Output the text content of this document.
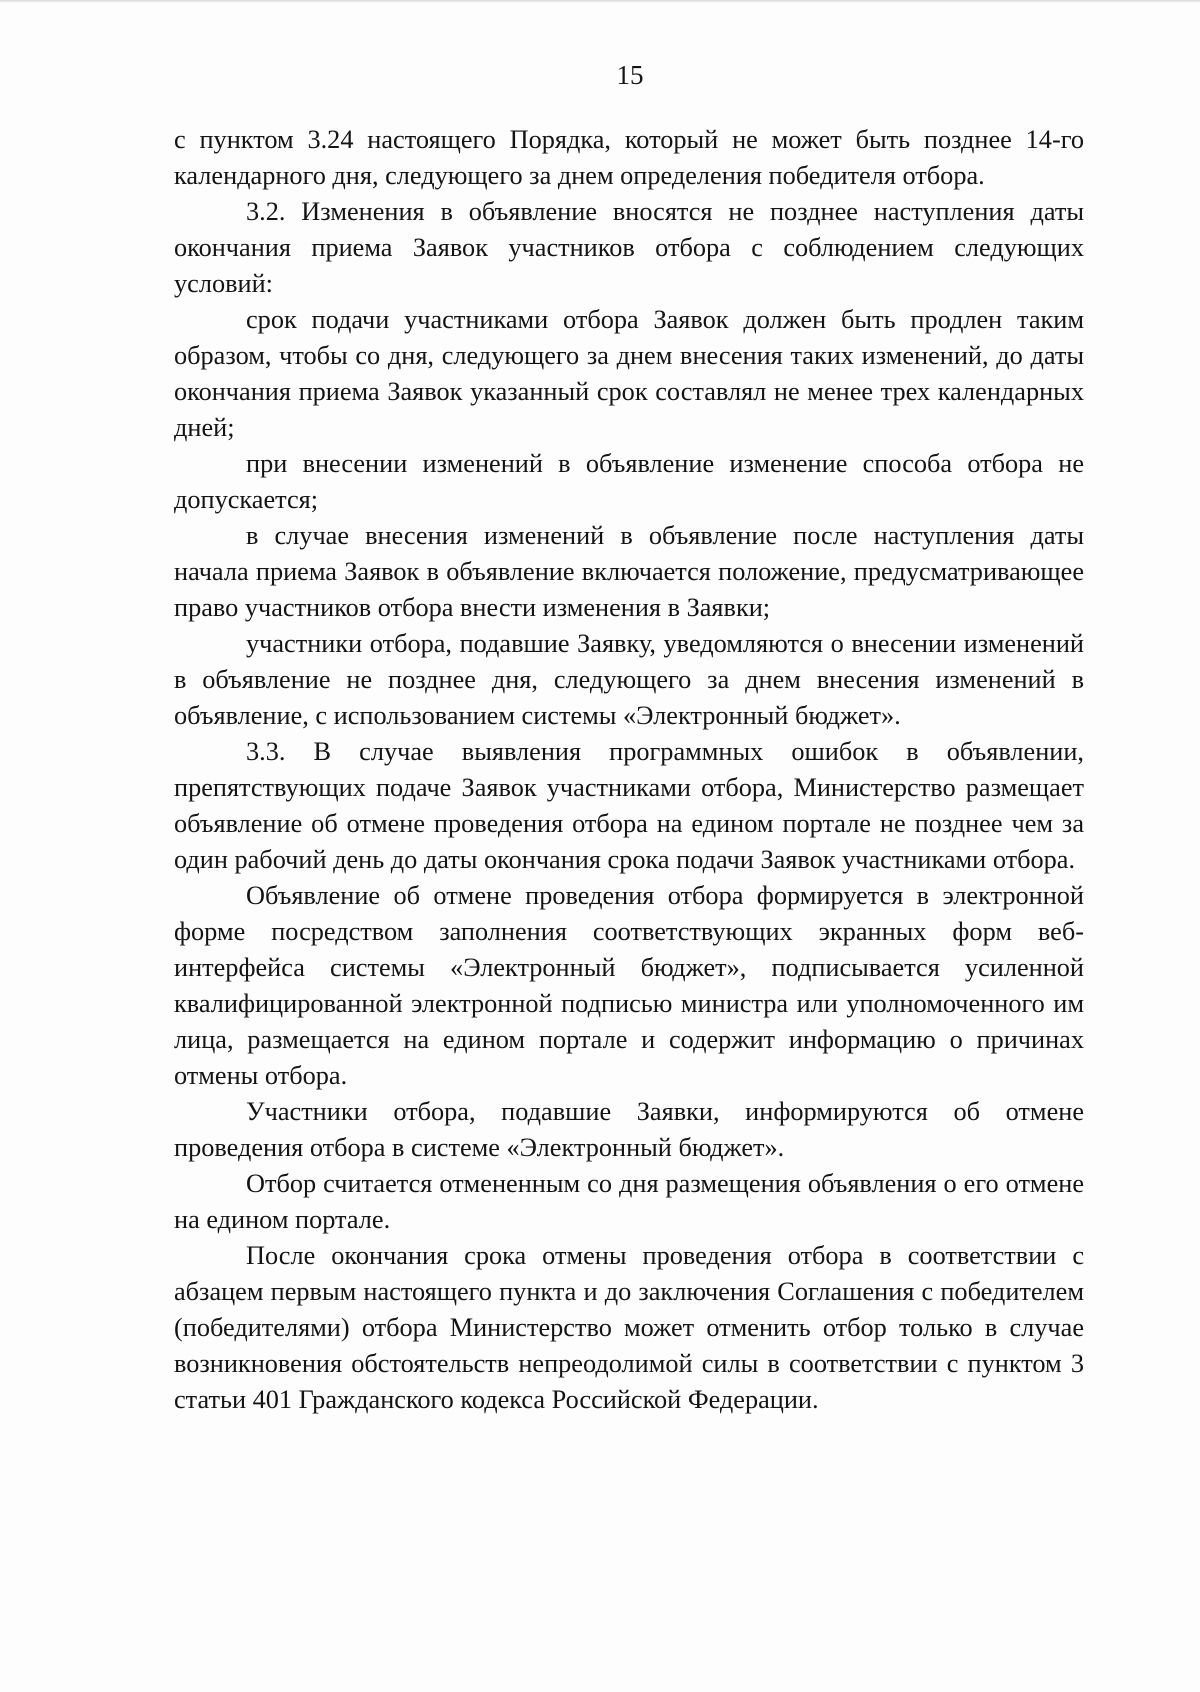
15

с пунктом 3.24 настоящего Порядка, который не может быть позднее 14-го календарного дня, следующего за днем определения победителя отбора.

3.2. Изменения в объявление вносятся не позднее наступления даты окончания приема Заявок участников отбора с соблюдением следующих условий:

срок подачи участниками отбора Заявок должен быть продлен таким образом, чтобы со дня, следующего за днем внесения таких изменений, до даты окончания приема Заявок указанный срок составлял не менее трех календарных дней;

при внесении изменений в объявление изменение способа отбора не допускается;

в случае внесения изменений в объявление после наступления даты начала приема Заявок в объявление включается положение, предусматривающее право участников отбора внести изменения в Заявки;

участники отбора, подавшие Заявку, уведомляются о внесении изменений в объявление не позднее дня, следующего за днем внесения изменений в объявление, с использованием системы «Электронный бюджет».

3.3. В случае выявления программных ошибок в объявлении, препятствующих подаче Заявок участниками отбора, Министерство размещает объявление об отмене проведения отбора на едином портале не позднее чем за один рабочий день до даты окончания срока подачи Заявок участниками отбора.

Объявление об отмене проведения отбора формируется в электронной форме посредством заполнения соответствующих экранных форм веб-интерфейса системы «Электронный бюджет», подписывается усиленной квалифицированной электронной подписью министра или уполномоченного им лица, размещается на едином портале и содержит информацию о причинах отмены отбора.

Участники отбора, подавшие Заявки, информируются об отмене проведения отбора в системе «Электронный бюджет».

Отбор считается отмененным со дня размещения объявления о его отмене на едином портале.

После окончания срока отмены проведения отбора в соответствии с абзацем первым настоящего пункта и до заключения Соглашения с победителем (победителями) отбора Министерство может отменить отбор только в случае возникновения обстоятельств непреодолимой силы в соответствии с пунктом 3 статьи 401 Гражданского кодекса Российской Федерации.
